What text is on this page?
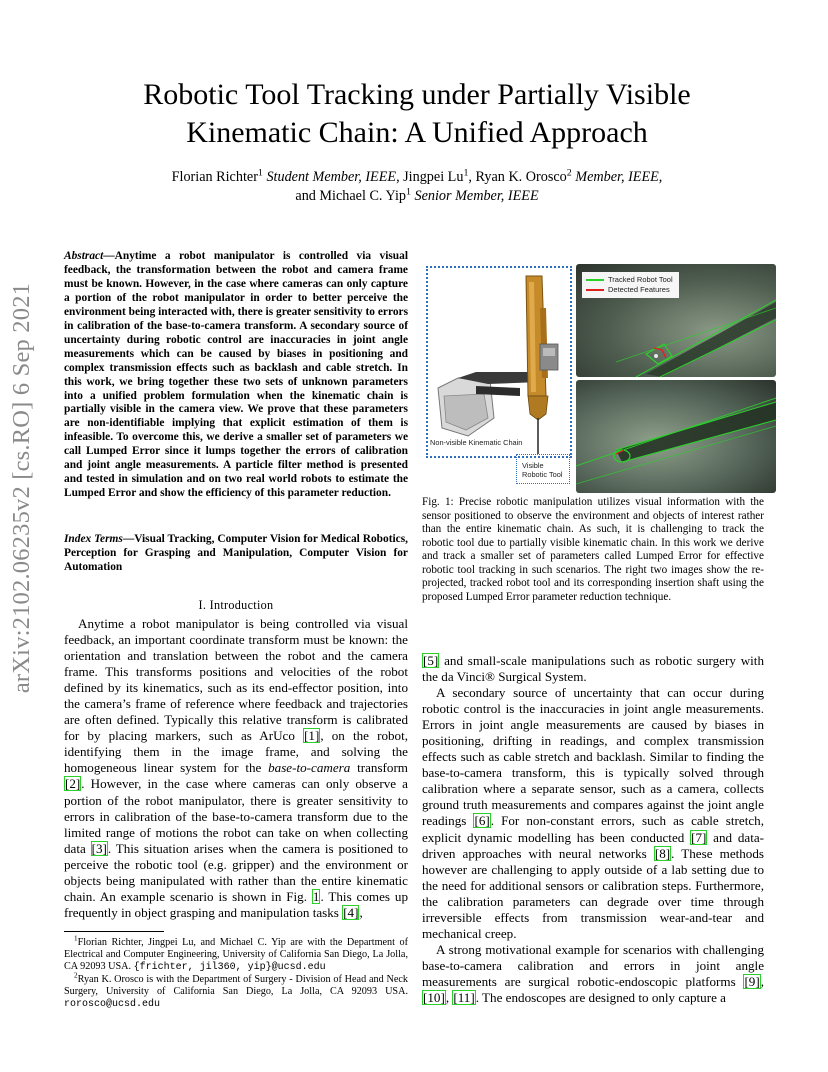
arXiv:2102.06235v2 [cs.RO] 6 Sep 2021
Robotic Tool Tracking under Partially Visible
Kinematic Chain: A Unified Approach
Florian Richter$^1$ Student Member, IEEE, Jingpei Lu$^1$, Ryan K. Orosco$^2$ Member, IEEE,
and Michael C. Yip$^1$ Senior Member, IEEE
Abstract—Anytime a robot manipulator is controlled via visual feedback, the transformation between the robot and camera frame must be known. However, in the case where cameras can only capture a portion of the robot manipulator in order to better perceive the environment being interacted with, there is greater sensitivity to errors in calibration of the base-to-camera transform. A secondary source of uncertainty during robotic control are inaccuracies in joint angle measurements which can be caused by biases in positioning and complex transmission effects such as backlash and cable stretch. In this work, we bring together these two sets of unknown parameters into a unified problem formulation when the kinematic chain is partially visible in the camera view. We prove that these parameters are non-identifiable implying that explicit estimation of them is infeasible. To overcome this, we derive a smaller set of parameters we call Lumped Error since it lumps together the errors of calibration and joint angle measurements. A particle filter method is presented and tested in simulation and on two real world robots to estimate the Lumped Error and show the efficiency of this parameter reduction.
Index Terms—Visual Tracking, Computer Vision for Medical Robotics, Perception for Grasping and Manipulation, Computer Vision for Automation
I. Introduction

Anytime a robot manipulator is being controlled via visual feedback, an important coordinate transform must be known: the orientation and translation between the robot and the camera frame. This transforms positions and velocities of the robot defined by its kinematics, such as its end-effector position, into the camera’s frame of reference where feedback and trajectories are often defined. Typically this relative transform is calibrated for by placing markers, such as ArUco [1], on the robot, identifying them in the image frame, and solving the homogeneous linear system for the base-to-camera transform [2]. However, in the case where cameras can only observe a portion of the robot manipulator, there is greater sensitivity to errors in calibration of the base-to-camera transform due to the limited range of motions the robot can take on when collecting data [3]. This situation arises when the camera is positioned to perceive the robotic tool (e.g. gripper) and the environment or objects being manipulated with rather than the entire kinematic chain. An example scenario is shown in Fig. 1. This comes up frequently in object grasping and manipulation tasks [4],

$^1$Florian Richter, Jingpei Lu, and Michael C. Yip are with the Department of Electrical and Computer Engineering, University of California San Diego, La Jolla, CA 92093 USA. {frichter, jil360, yip}@ucsd.edu

$^2$Ryan K. Orosco is with the Department of Surgery - Division of Head and Neck Surgery, University of California San Diego, La Jolla, CA 92093 USA. rorosco@ucsd.edu

Non-visible Kinematic Chain
Visible
Robotic Tool
Tracked Robot Tool
Detected Features
Fig. 1: Precise robotic manipulation utilizes visual information with the sensor positioned to observe the environment and objects of interest rather than the entire kinematic chain. As such, it is challenging to track the robotic tool due to partially visible kinematic chain. In this work we derive and track a smaller set of parameters called Lumped Error for effective robotic tool tracking in such scenarios. The right two images show the re-projected, tracked robot tool and its corresponding insertion shaft using the proposed Lumped Error parameter reduction technique.

[5] and small-scale manipulations such as robotic surgery with the da Vinci® Surgical System.

A secondary source of uncertainty that can occur during robotic control is the inaccuracies in joint angle measurements. Errors in joint angle measurements are caused by biases in positioning, drifting in readings, and complex transmission effects such as cable stretch and backlash. Similar to finding the base-to-camera transform, this is typically solved through calibration where a separate sensor, such as a camera, collects ground truth measurements and compares against the joint angle readings [6]. For non-constant errors, such as cable stretch, explicit dynamic modelling has been conducted [7] and data-driven approaches with neural networks [8]. These methods however are challenging to apply outside of a lab setting due to the need for additional sensors or calibration steps. Furthermore, the calibration parameters can degrade over time through irreversible effects from transmission wear-and-tear and mechanical creep.

A strong motivational example for scenarios with challenging base-to-camera calibration and errors in joint angle measurements are surgical robotic-endoscopic platforms [9], [10], [11]. The endoscopes are designed to only capture a
